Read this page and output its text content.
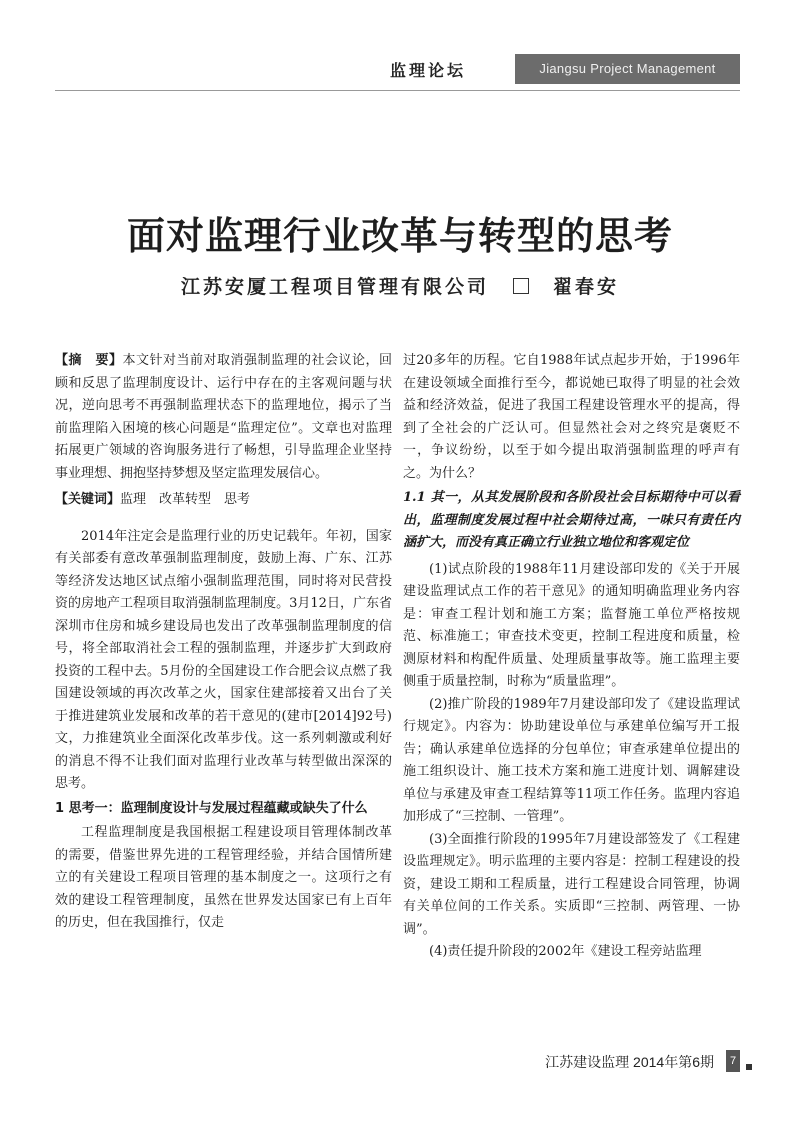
监理论坛	Jiangsu Project Management
面对监理行业改革与转型的思考
江苏安厦工程项目管理有限公司	翟春安

【摘　要】本文针对当前对取消强制监理的社会议论，回顾和反思了监理制度设计、运行中存在的主客观问题与状况，逆向思考不再强制监理状态下的监理地位，揭示了当前监理陷入困境的核心问题是“监理定位”。文章也对监理拓展更广领域的咨询服务进行了畅想，引导监理企业坚持事业理想、拥抱坚持梦想及坚定监理发展信心。

【关键词】监理　改革转型　思考

2014年注定会是监理行业的历史记载年。年初，国家有关部委有意改革强制监理制度，鼓励上海、广东、江苏等经济发达地区试点缩小强制监理范围，同时将对民营投资的房地产工程项目取消强制监理制度。3月12日，广东省深圳市住房和城乡建设局也发出了改革强制监理制度的信号，将全部取消社会工程的强制监理，并逐步扩大到政府投资的工程中去。5月份的全国建设工作合肥会议点燃了我国建设领域的再次改革之火，国家住建部接着又出台了关于推进建筑业发展和改革的若干意见的(建市[2014]92号)文，力推建筑业全面深化改革步伐。这一系列刺激或利好的消息不得不让我们面对监理行业改革与转型做出深深的思考。

1 思考一：监理制度设计与发展过程蕴藏或缺失了什么

工程监理制度是我国根据工程建设项目管理体制改革的需要，借鉴世界先进的工程管理经验，并结合国情所建立的有关建设工程项目管理的基本制度之一。这项行之有效的建设工程管理制度，虽然在世界发达国家已有上百年的历史，但在我国推行，仅走

过20多年的历程。它自1988年试点起步开始，于1996年在建设领域全面推行至今，都说她已取得了明显的社会效益和经济效益，促进了我国工程建设管理水平的提高，得到了全社会的广泛认可。但显然社会对之终究是褒贬不一，争议纷纷，以至于如今提出取消强制监理的呼声有之。为什么？

1.1 其一，从其发展阶段和各阶段社会目标期待中可以看出，监理制度发展过程中社会期待过高，一味只有责任内涵扩大，而没有真正确立行业独立地位和客观定位

(1)试点阶段的1988年11月建设部印发的《关于开展建设监理试点工作的若干意见》的通知明确监理业务内容是：审查工程计划和施工方案；监督施工单位严格按规范、标准施工；审查技术变更，控制工程进度和质量，检测原材料和构配件质量、处理质量事故等。施工监理主要侧重于质量控制，时称为“质量监理”。

(2)推广阶段的1989年7月建设部印发了《建设监理试行规定》。内容为：协助建设单位与承建单位编写开工报告；确认承建单位选择的分包单位；审查承建单位提出的施工组织设计、施工技术方案和施工进度计划、调解建设单位与承建及审查工程结算等11项工作任务。监理内容追加形成了“三控制、一管理”。

(3)全面推行阶段的1995年7月建设部签发了《工程建设监理规定》。明示监理的主要内容是：控制工程建设的投资，建设工期和工程质量，进行工程建设合同管理，协调有关单位间的工作关系。实质即“三控制、两管理、一协调”。

(4)责任提升阶段的2002年《建设工程旁站监理

江苏建设监理 2014年第6期	7
